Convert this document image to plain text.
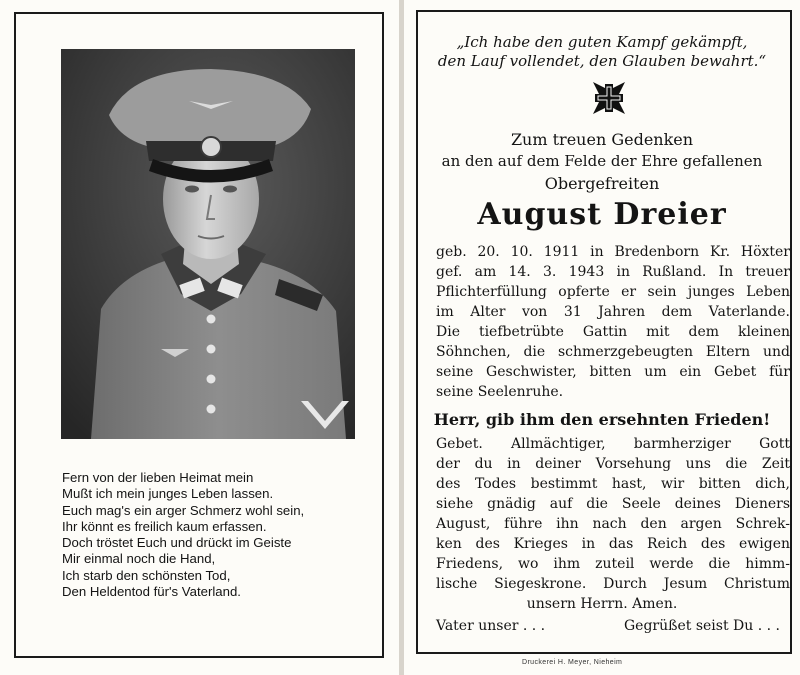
Fern von der lieben Heimat mein
Mußt ich mein junges Leben lassen.
Euch mag's ein arger Schmerz wohl sein,
Ihr könnt es freilich kaum erfassen.
Doch tröstet Euch und drückt im Geiste
Mir einmal noch die Hand,
Ich starb den schönsten Tod,
Den Heldentod für's Vaterland.
„Ich habe den guten Kampf gekämpft,
den Lauf vollendet, den Glauben bewahrt.“
Zum treuen Gedenken
an den auf dem Felde der Ehre gefallenen
Obergefreiten
August Dreier
geb. 20. 10. 1911 in Bredenborn Kr. Höxter
gef. am 14. 3. 1943 in Rußland. In treuer
Pflichterfüllung opferte er sein junges Leben
im Alter von 31 Jahren dem Vaterlande.
Die tiefbetrübte Gattin mit dem kleinen
Söhnchen, die schmerzgebeugten Eltern und
seine Geschwister, bitten um ein Gebet für
seine Seelenruhe.
Herr, gib ihm den ersehnten Frieden!
Gebet. Allmächtiger, barmherziger Gott
der du in deiner Vorsehung uns die Zeit
des Todes bestimmt hast, wir bitten dich,
siehe gnädig auf die Seele deines Dieners
August, führe ihn nach den argen Schrek-
ken des Krieges in das Reich des ewigen
Friedens, wo ihm zuteil werde die himm-
lische Siegeskrone. Durch Jesum Christum
unsern Herrn. Amen.
Vater unser . . .	Gegrüßet seist Du . . .
Druckerei H. Meyer, Nieheim
